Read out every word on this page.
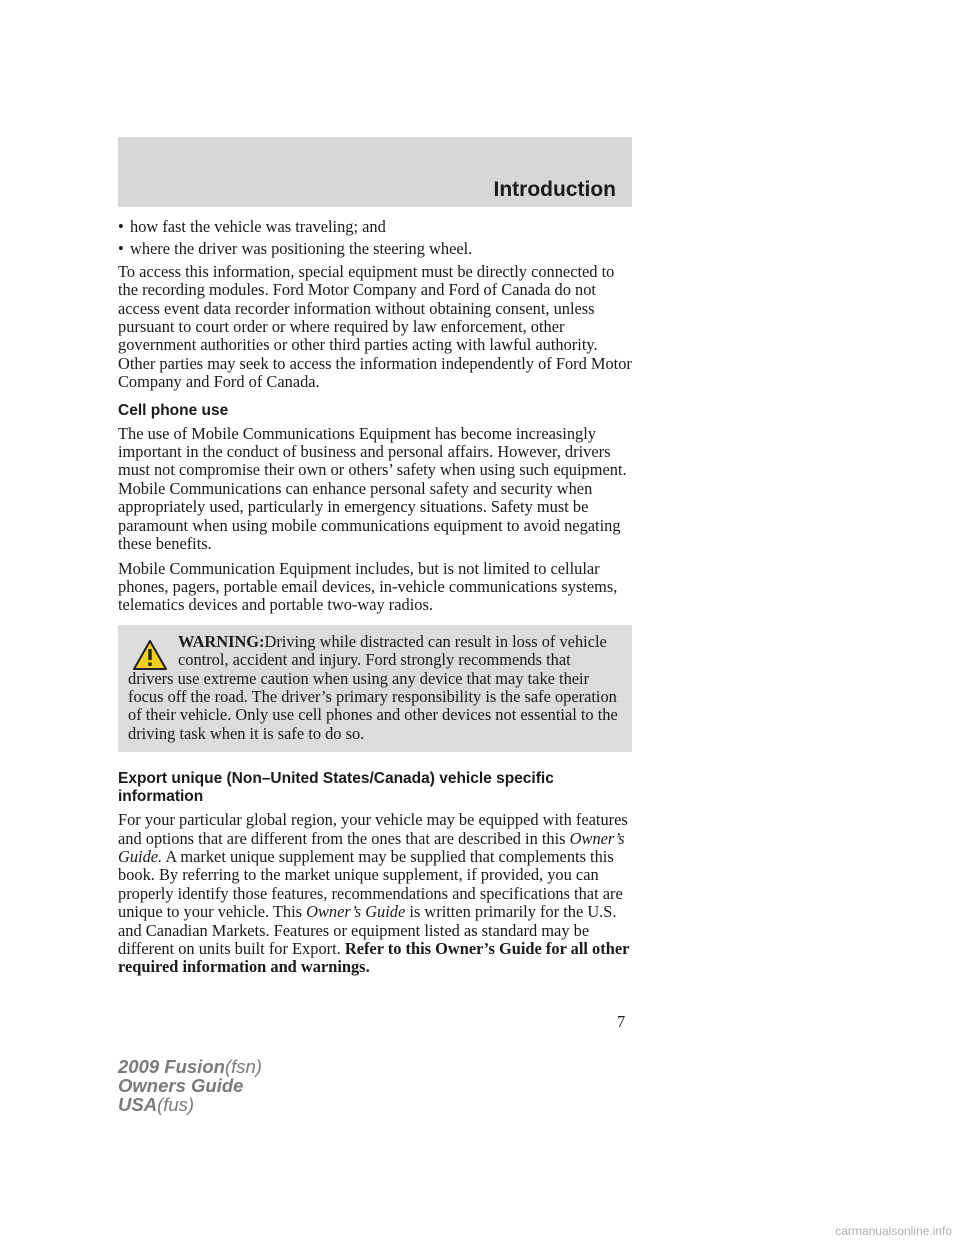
Introduction
• how fast the vehicle was traveling; and
• where the driver was positioning the steering wheel.

To access this information, special equipment must be directly connected to the recording modules. Ford Motor Company and Ford of Canada do not access event data recorder information without obtaining consent, unless pursuant to court order or where required by law enforcement, other government authorities or other third parties acting with lawful authority. Other parties may seek to access the information independently of Ford Motor Company and Ford of Canada.

Cell phone use

The use of Mobile Communications Equipment has become increasingly important in the conduct of business and personal affairs. However, drivers must not compromise their own or others’ safety when using such equipment. Mobile Communications can enhance personal safety and security when appropriately used, particularly in emergency situations. Safety must be paramount when using mobile communications equipment to avoid negating these benefits.

Mobile Communication Equipment includes, but is not limited to cellular phones, pagers, portable email devices, in-vehicle communications systems, telematics devices and portable two-way radios.

WARNING:Driving while distracted can result in loss of vehicle control, accident and injury. Ford strongly recommends that

drivers use extreme caution when using any device that may take their focus off the road. The driver’s primary responsibility is the safe operation of their vehicle. Only use cell phones and other devices not essential to the driving task when it is safe to do so.

Export unique (Non–United States/Canada) vehicle specific information

For your particular global region, your vehicle may be equipped with features and options that are different from the ones that are described in this Owner’s Guide. A market unique supplement may be supplied that complements this book. By referring to the market unique supplement, if provided, you can properly identify those features, recommendations and specifications that are unique to your vehicle. This Owner’s Guide is written primarily for the U.S. and Canadian Markets. Features or equipment listed as standard may be different on units built for Export. Refer to this Owner’s Guide for all other required information and warnings.

7
2009 Fusion(fsn)
Owners Guide
USA(fus)
carmanualsonline.info
